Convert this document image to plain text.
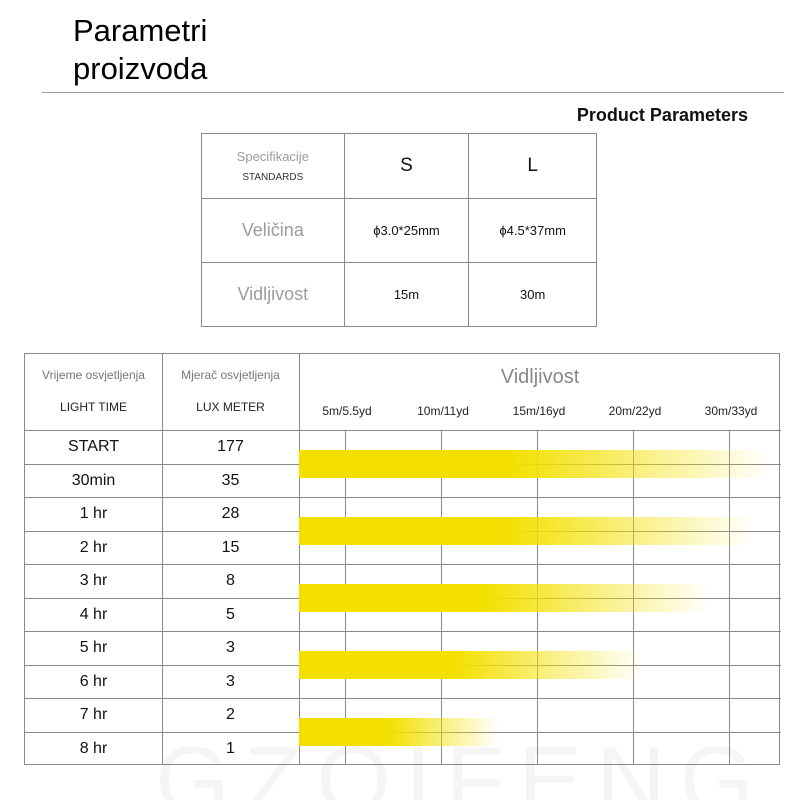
Parametri
proizvoda
Product Parameters
Specifikacije
STANDARDS	S	L
Veličina	ϕ3.0*25mm	ϕ4.5*37mm
Vidljivost	15m	30m
Vrijeme osvjetljenja
LIGHT TIME
Mjerač osvjetljenja
LUX METER
Vidljivost
5m/5.5yd	10m/11yd	15m/16yd	20m/22yd	30m/33yd
START	177
30min	35
1 hr	28
2 hr	15
3 hr	8
4 hr	5
5 hr	3
6 hr	3
7 hr	2
8 hr	1
